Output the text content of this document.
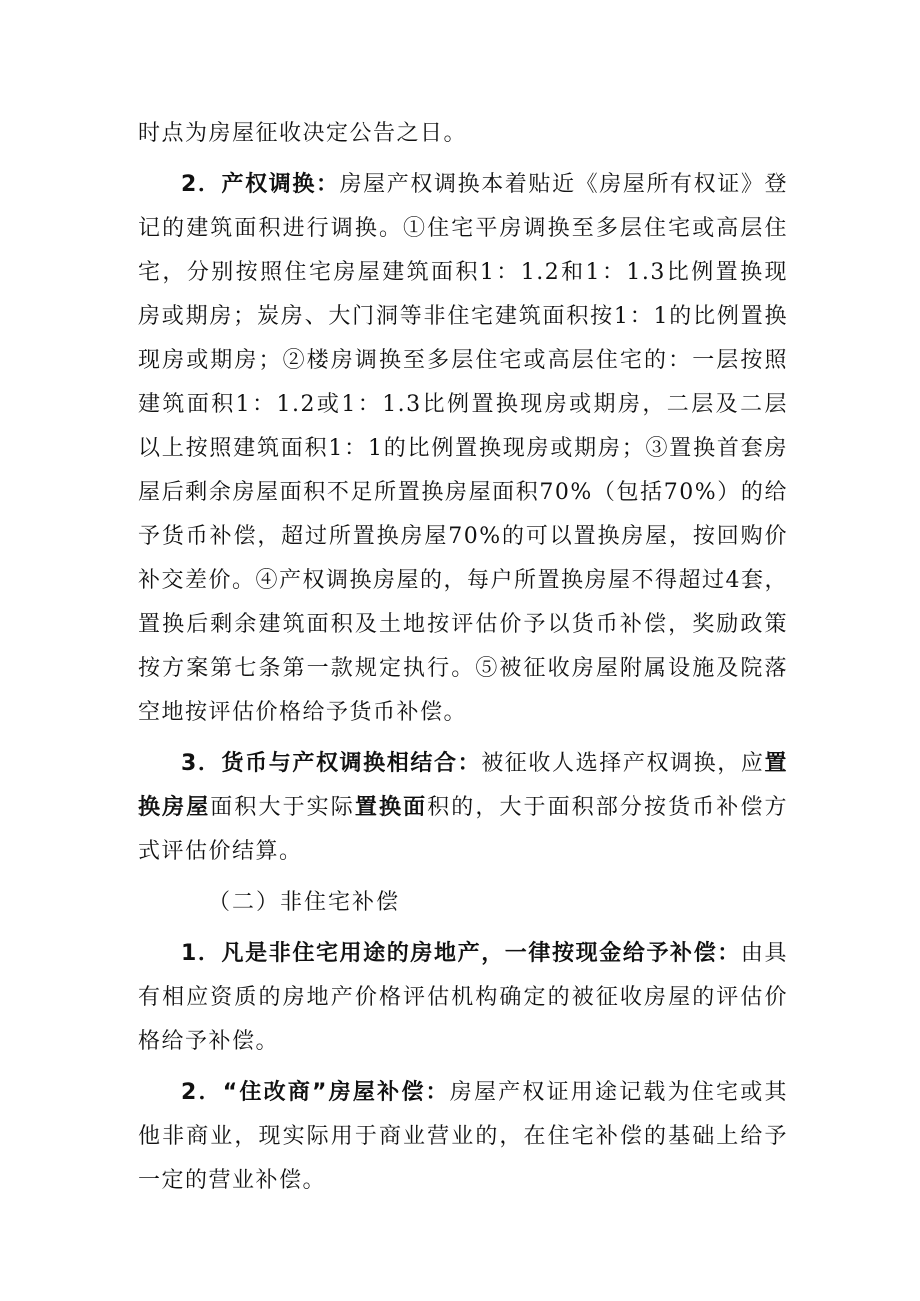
时点为房屋征收决定公告之日。

2．产权调换：房屋产权调换本着贴近《房屋所有权证》登记的建筑面积进行调换。①住宅平房调换至多层住宅或高层住宅，分别按照住宅房屋建筑面积1：1.2和1：1.3比例置换现房或期房；炭房、大门洞等非住宅建筑面积按1：1的比例置换现房或期房；②楼房调换至多层住宅或高层住宅的：一层按照建筑面积1：1.2或1：1.3比例置换现房或期房，二层及二层以上按照建筑面积1：1的比例置换现房或期房；③置换首套房屋后剩余房屋面积不足所置换房屋面积70%（包括70%）的给予货币补偿，超过所置换房屋70%的可以置换房屋，按回购价补交差价。④产权调换房屋的，每户所置换房屋不得超过4套，置换后剩余建筑面积及土地按评估价予以货币补偿，奖励政策按方案第七条第一款规定执行。⑤被征收房屋附属设施及院落空地按评估价格给予货币补偿。

3．货币与产权调换相结合：被征收人选择产权调换，应置换房屋面积大于实际置换面积的，大于面积部分按货币补偿方式评估价结算。

（二）非住宅补偿

1．凡是非住宅用途的房地产，一律按现金给予补偿：由具有相应资质的房地产价格评估机构确定的被征收房屋的评估价格给予补偿。

2．“住改商”房屋补偿：房屋产权证用途记载为住宅或其他非商业，现实际用于商业营业的，在住宅补偿的基础上给予一定的营业补偿。
